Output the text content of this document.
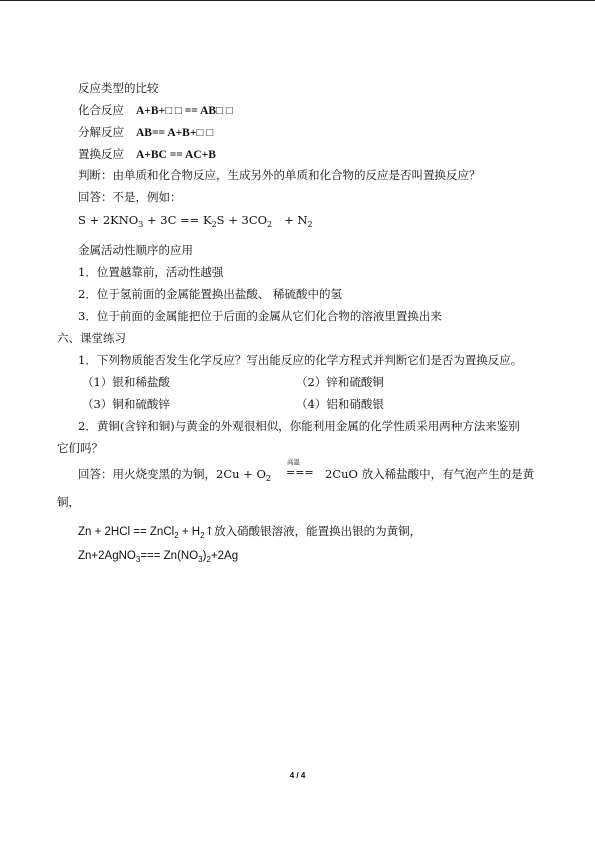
反应类型的比较
化合反应 A+B+□ □ == AB□ □
分解反应 AB== A+B+□ □
置换反应 A+BC == AC+B
判断：由单质和化合物反应，生成另外的单质和化合物的反应是否叫置换反应？
回答：不是，例如：
$S + 2KNO_3 + 3C == K_2S + 3CO_2 + N_2$
金属活动性顺序的应用
1．位置越靠前，活动性越强
2．位于氢前面的金属能置换出盐酸、 稀硫酸中的氢
3．位于前面的金属能把位于后面的金属从它们化合物的溶液里置换出来
六、课堂练习
1．下列物质能否发生化学反应？写出能反应的化学方程式并判断它们是否为置换反应。
（1）银和稀盐酸	（2）锌和硫酸铜
（3）铜和硫酸锌	（4）铝和硝酸银
2．黄铜(含锌和铜)与黄金的外观很相似，你能利用金属的化学性质采用两种方法来鉴别
它们吗？
回答：用火烧变黑的为铜，$2Cu + O_2$
高温
=== 2CuO 放入稀盐酸中，有气泡产生的是黄
铜，
Zn + 2HCl == ZnCl$_2$ + $H_2↑$放入硝酸银溶液，能置换出银的为黄铜，
Zn+2AgNO$_3$=== $Zn(NO_3)_2+2Ag$
4 / 4
